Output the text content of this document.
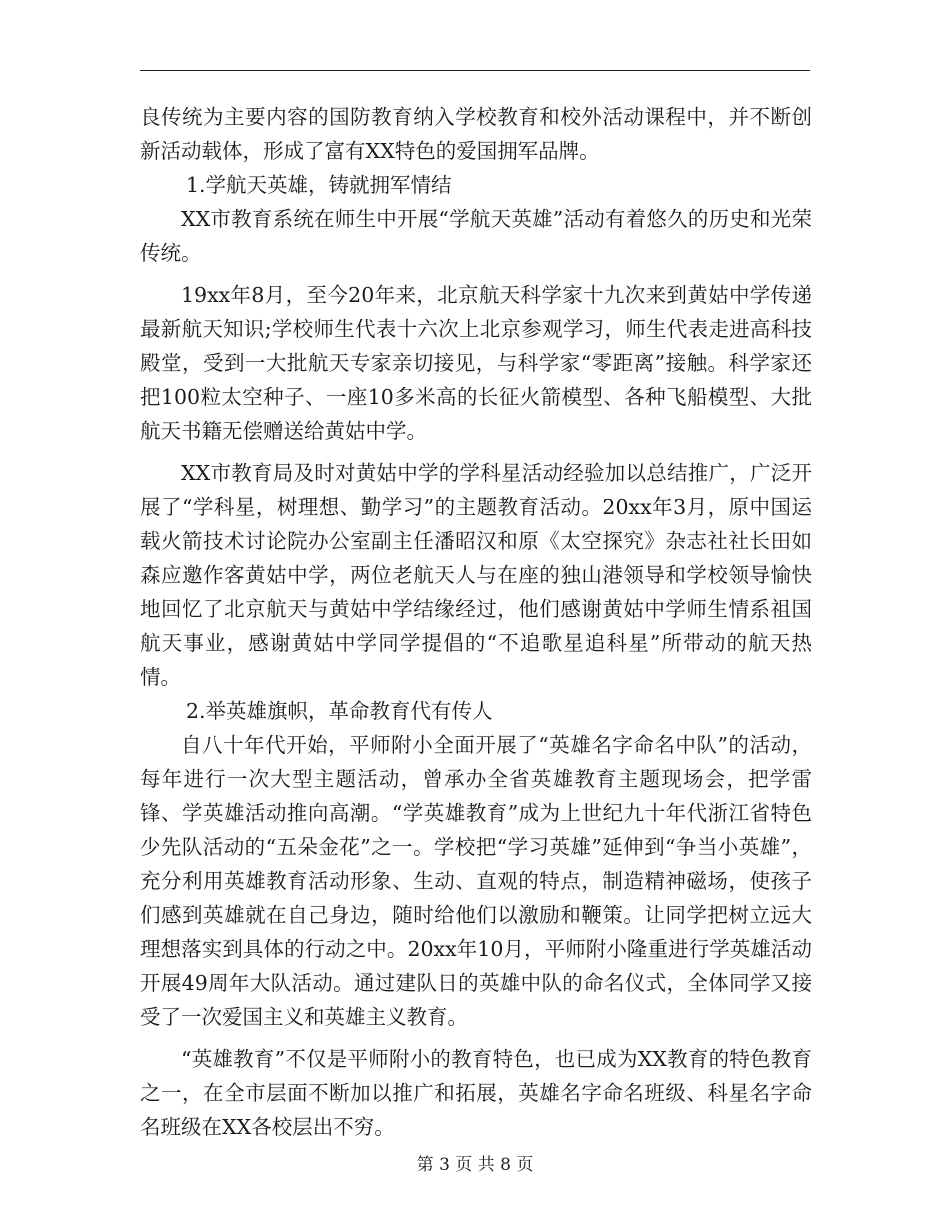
良传统为主要内容的国防教育纳入学校教育和校外活动课程中，并不断创新活动载体，形成了富有XX特色的爱国拥军品牌。

1.学航天英雄，铸就拥军情结

XX市教育系统在师生中开展“学航天英雄”活动有着悠久的历史和光荣传统。

19xx年8月，至今20年来，北京航天科学家十九次来到黄姑中学传递最新航天知识;学校师生代表十六次上北京参观学习，师生代表走进高科技殿堂，受到一大批航天专家亲切接见，与科学家“零距离”接触。科学家还把100粒太空种子、一座10多米高的长征火箭模型、各种飞船模型、大批航天书籍无偿赠送给黄姑中学。

XX市教育局及时对黄姑中学的学科星活动经验加以总结推广，广泛开展了“学科星，树理想、勤学习”的主题教育活动。20xx年3月，原中国运载火箭技术讨论院办公室副主任潘昭汉和原《太空探究》杂志社社长田如森应邀作客黄姑中学，两位老航天人与在座的独山港领导和学校领导愉快地回忆了北京航天与黄姑中学结缘经过，他们感谢黄姑中学师生情系祖国航天事业，感谢黄姑中学同学提倡的“不追歌星追科星”所带动的航天热情。

2.举英雄旗帜，革命教育代有传人

自八十年代开始，平师附小全面开展了“英雄名字命名中队”的活动，每年进行一次大型主题活动，曾承办全省英雄教育主题现场会，把学雷锋、学英雄活动推向高潮。“学英雄教育”成为上世纪九十年代浙江省特色少先队活动的“五朵金花”之一。学校把“学习英雄”延伸到“争当小英雄”，充分利用英雄教育活动形象、生动、直观的特点，制造精神磁场，使孩子们感到英雄就在自己身边，随时给他们以激励和鞭策。让同学把树立远大理想落实到具体的行动之中。20xx年10月，平师附小隆重进行学英雄活动开展49周年大队活动。通过建队日的英雄中队的命名仪式，全体同学又接受了一次爱国主义和英雄主义教育。

“英雄教育”不仅是平师附小的教育特色，也已成为XX教育的特色教育之一，在全市层面不断加以推广和拓展，英雄名字命名班级、科星名字命名班级在XX各校层出不穷。

第 3 页 共 8 页
